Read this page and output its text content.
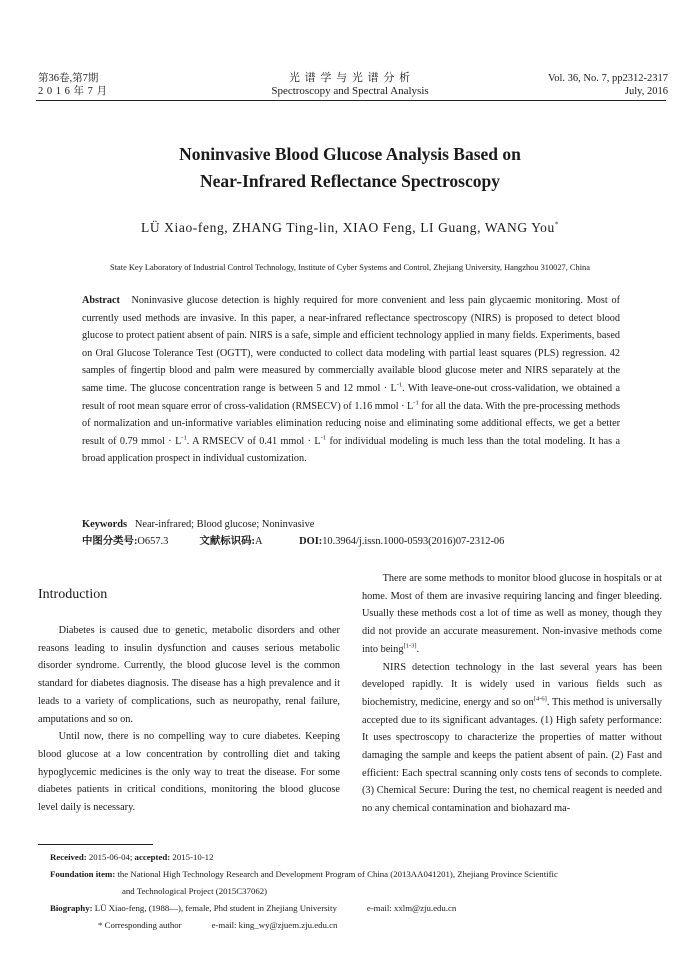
第36卷,第7期
2 0 1 6 年 7 月
光 谱 学 与 光 谱 分 析
Spectroscopy and Spectral Analysis
Vol. 36, No. 7, pp2312-2317
July, 2016
Noninvasive Blood Glucose Analysis Based on
Near-Infrared Reflectance Spectroscopy
LÜ Xiao-feng, ZHANG Ting-lin, XIAO Feng, LI Guang, WANG You*
State Key Laboratory of Industrial Control Technology, Institute of Cyber Systems and Control, Zhejiang University, Hangzhou 310027, China
Abstract Noninvasive glucose detection is highly required for more convenient and less pain glycaemic monitoring. Most of currently used methods are invasive. In this paper, a near-infrared reflectance spectroscopy (NIRS) is proposed to detect blood glucose to protect patient absent of pain. NIRS is a safe, simple and efficient technology applied in many fields. Experiments, based on Oral Glucose Tolerance Test (OGTT), were conducted to collect data modeling with partial least squares (PLS) regression. 42 samples of fingertip blood and palm were measured by commercially available blood glucose meter and NIRS separately at the same time. The glucose concentration range is between 5 and 12 mmol · $L^{-1}$. With leave-one-out cross-validation, we obtained a result of root mean square error of cross-validation (RMSECV) of 1.16 mmol · $L^{-1}$ for all the data. With the pre-processing methods of normalization and un-informative variables elimination reducing noise and eliminating some additional effects, we get a better result of 0.79 mmol · $L^{-1}$. A RMSECV of 0.41 mmol · $L^{-1}$ for individual modeling is much less than the total modeling. It has a broad application prospect in individual customization.
Keywords Near-infrared; Blood glucose; Noninvasive
中图分类号:O657.3	文献标识码:A	DOI:10.3964/j.issn.1000-0593(2016)07-2312-06
Introduction

Diabetes is caused due to genetic, metabolic disorders and other reasons leading to insulin dysfunction and causes serious metabolic disorder syndrome. Currently, the blood glucose level is the common standard for diabetes diagnosis. The disease has a high prevalence and it leads to a variety of complications, such as neuropathy, renal failure, amputations and so on.

Until now, there is no compelling way to cure diabetes. Keeping blood glucose at a low concentration by controlling diet and taking hypoglycemic medicines is the only way to treat the disease. For some diabetes patients in critical conditions, monitoring the blood glucose level daily is necessary.

There are some methods to monitor blood glucose in hospitals or at home. Most of them are invasive requiring lancing and finger bleeding. Usually these methods cost a lot of time as well as money, though they did not provide an accurate measurement. Non-invasive methods come into being[1-3].

NIRS detection technology in the last several years has been developed rapidly. It is widely used in various fields such as biochemistry, medicine, energy and so on[4-6]. This method is universally accepted due to its significant advantages. (1) High safety performance: It uses spectroscopy to characterize the properties of matter without damaging the sample and keeps the patient absent of pain. (2) Fast and efficient: Each spectral scanning only costs tens of seconds to complete. (3) Chemical Secure: During the test, no chemical reagent is needed and no any chemical contamination and biohazard ma-

Received: 2015-06-04; accepted: 2015-10-12
Foundation item: the National High Technology Research and Development Program of China (2013AA041201), Zhejiang Province Scientific
and Technological Project (2015C37062)
Biography: LÜ Xiao-feng, (1988—), female, Phd student in Zhejiang University	e-mail: xxlm@zju.edu.cn
* Corresponding author	e-mail: king_wy@zjuem.zju.edu.cn
